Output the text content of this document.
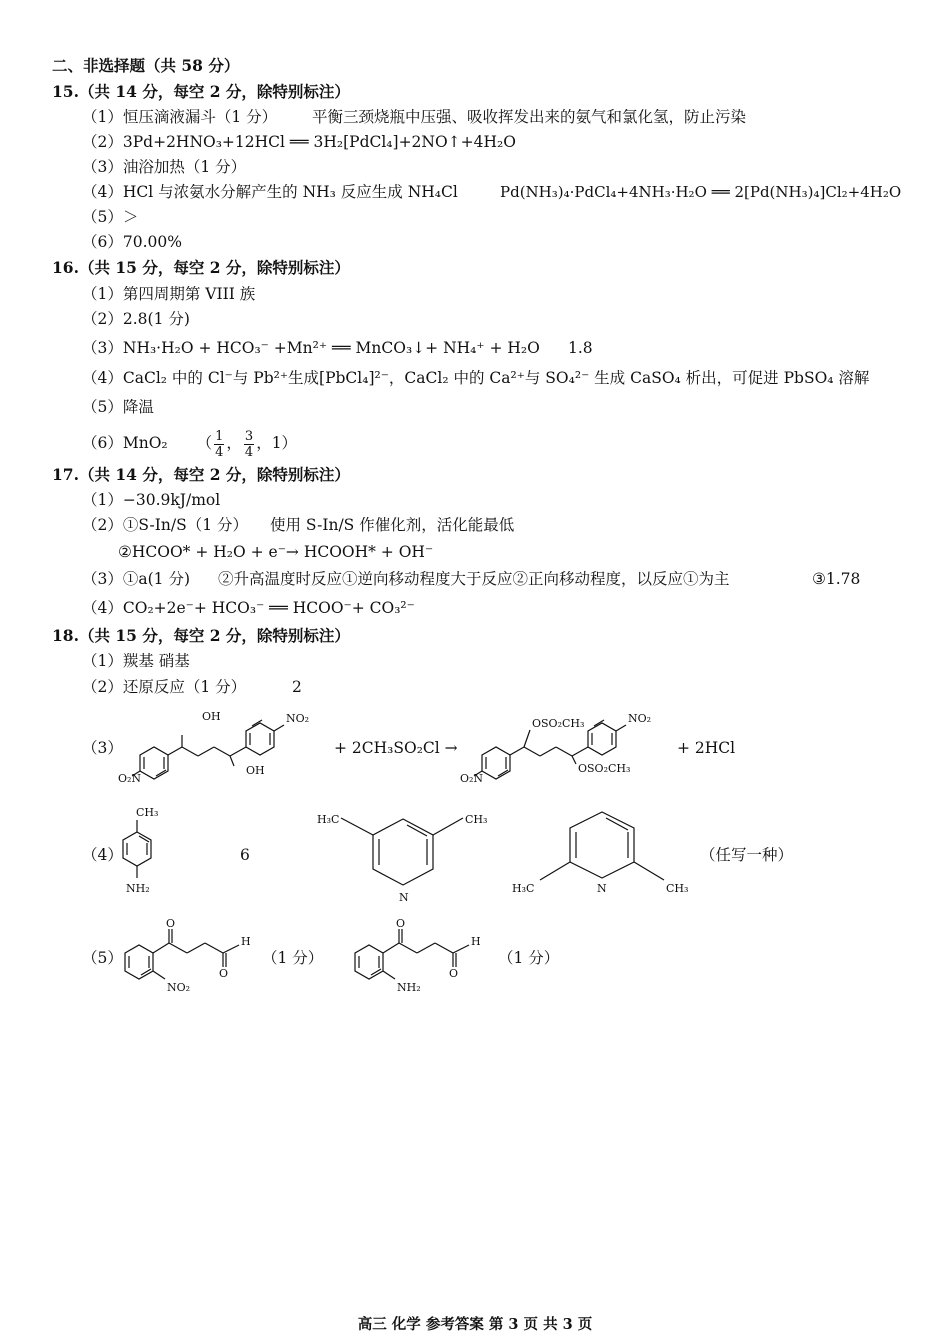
二、非选择题（共 58 分）
15.（共 14 分，每空 2 分，除特别标注）
（1）恒压滴液漏斗（1 分） 平衡三颈烧瓶中压强、吸收挥发出来的氨气和氯化氢，防止污染
（2）3Pd+2HNO₃+12HCl ══ 3H₂[PdCl₄]+2NO↑+4H₂O
（3）油浴加热（1 分）
（4）HCl 与浓氨水分解产生的 NH₃ 反应生成 NH₄Cl	Pd(NH₃)₄·PdCl₄+4NH₃·H₂O ══ 2[Pd(NH₃)₄]Cl₂+4H₂O
（5）＞
（6）70.00%
16.（共 15 分，每空 2 分，除特别标注）
（1）第四周期第 VIII 族
（2）2.8(1 分)
（3）NH₃·H₂O + HCO₃⁻ +Mn²⁺ ══ MnCO₃↓+ NH₄⁺ + H₂O 1.8
（4）CaCl₂ 中的 Cl⁻与 Pb²⁺生成[PbCl₄]²⁻，CaCl₂ 中的 Ca²⁺与 SO₄²⁻ 生成 CaSO₄ 析出，可促进 PbSO₄ 溶解
（5）降温
（6）MnO₂ （ $\frac{1}{4}$ ， $\frac{3}{4}$ ，1）
17.（共 14 分，每空 2 分，除特别标注）
（1）−30.9kJ/mol
（2）①S-In/S（1 分） 使用 S-In/S 作催化剂，活化能最低
②HCOO* + H₂O + e⁻→ HCOOH* + OH⁻
（3）①a(1 分) ②升高温度时反应①逆向移动程度大于反应②正向移动程度，以反应①为主	③1.78
（4）CO₂+2e⁻+ HCO₃⁻ ══ HCOO⁻+ CO₃²⁻
18.（共 15 分，每空 2 分，除特别标注）
（1）羰基 硝基
（2）还原反应（1 分）	2
（3）
O₂N
OH
OH
NO₂
+ 2CH₃SO₂Cl →
O₂N
OSO₂CH₃
OSO₂CH₃
NO₂
+ 2HCl
（4）
CH₃
NH₂
6
H₃C	CH₃
N
H₃C	CH₃
N
（任写一种）
（5）
O
O
H
NO₂
（1 分）
O
O
H
NH₂
（1 分）
高三 化学 参考答案 第 3 页 共 3 页
